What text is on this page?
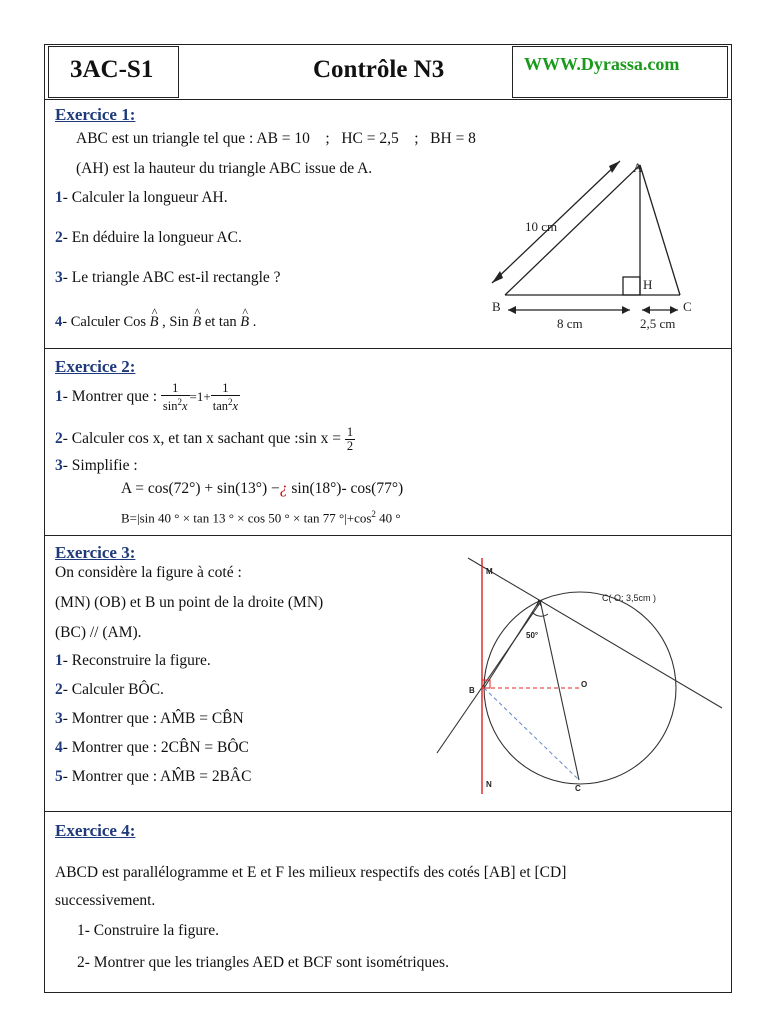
3AC-S1	Contrôle N3	WWW.Dyrassa.com
Exercice 1:
ABC est un triangle tel que : AB = 10    ;   HC = 2,5    ;   BH = 8
(AH) est la hauteur du triangle ABC issue de A.
1- Calculer la longueur AH.
2- En déduire la longueur AC.
3- Le triangle ABC est-il rectangle ?
4- Calculer Cos ^ B , Sin ^ B et tan ^ B .
A
B	C
H
10 cm
8 cm	2,5 cm
Exercice 2:
1- Montrer que : $\frac{1}{\sin^2x} =1+ \frac{1}{\tan^2x}$
2- Calculer cos x, et tan x sachant que :sin $x = \frac{1}{2}$
3- Simplifie :
A = cos(72°) + sin(13°) −¿ sin(18°)- cos(77°)
B=|sin 40 ° × tan 13 ° × cos 50 ° × tan 77 $^\circ|+\cos^2$ 40 °
Exercice 3:
On considère la figure à coté :
(MN) (OB) et B un point de la droite (MN)
(BC) // (AM).
1- Reconstruire la figure.
2- Calculer BÔC.
3- Montrer que : AM̂B = CB̂N
4- Montrer que : 2CB̂N = BÔC
5- Montrer que : AM̂B = 2BÂC
M
A
B
O
N	C
50°
C( O; 3,5cm )
Exercice 4:
ABCD est parallélogramme et E et F les milieux respectifs des cotés [AB] et [CD]
successivement.
1- Construire la figure.
2- Montrer que les triangles AED et BCF sont isométriques.
